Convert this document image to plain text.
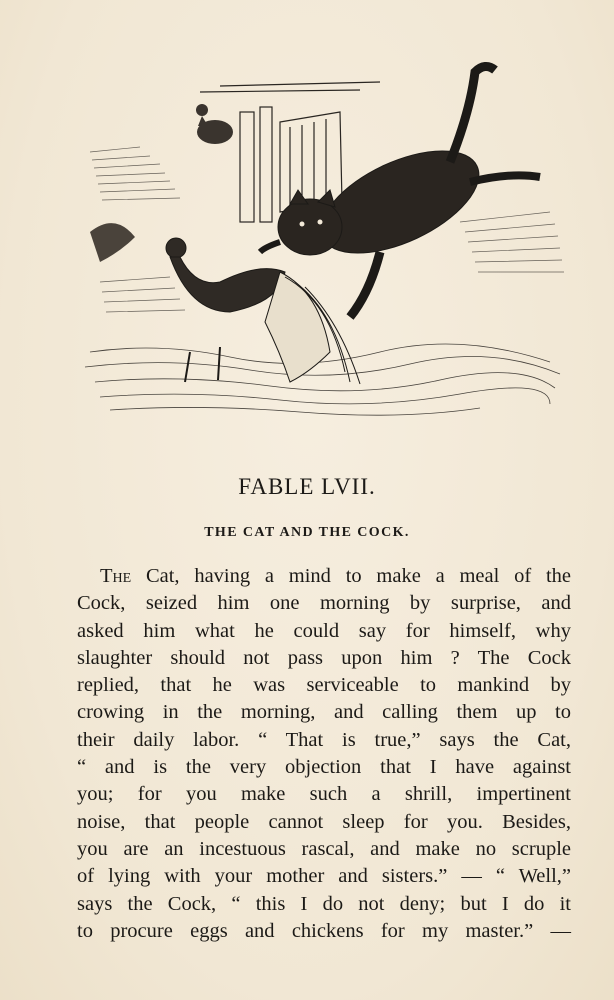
FABLE LVII.
THE CAT AND THE COCK.
The Cat, having a mind to make a meal of the
Cock, seized him one morning by surprise, and
asked him what he could say for himself, why
slaughter should not pass upon him ? The Cock
replied, that he was serviceable to mankind by
crowing in the morning, and calling them up to
their daily labor. “ That is true,” says the Cat,
“ and is the very objection that I have against
you; for you make such a shrill, impertinent
noise, that people cannot sleep for you. Besides,
you are an incestuous rascal, and make no scruple
of lying with your mother and sisters.” — “ Well,”
says the Cock, “ this I do not deny; but I do it
to procure eggs and chickens for my master.” —
